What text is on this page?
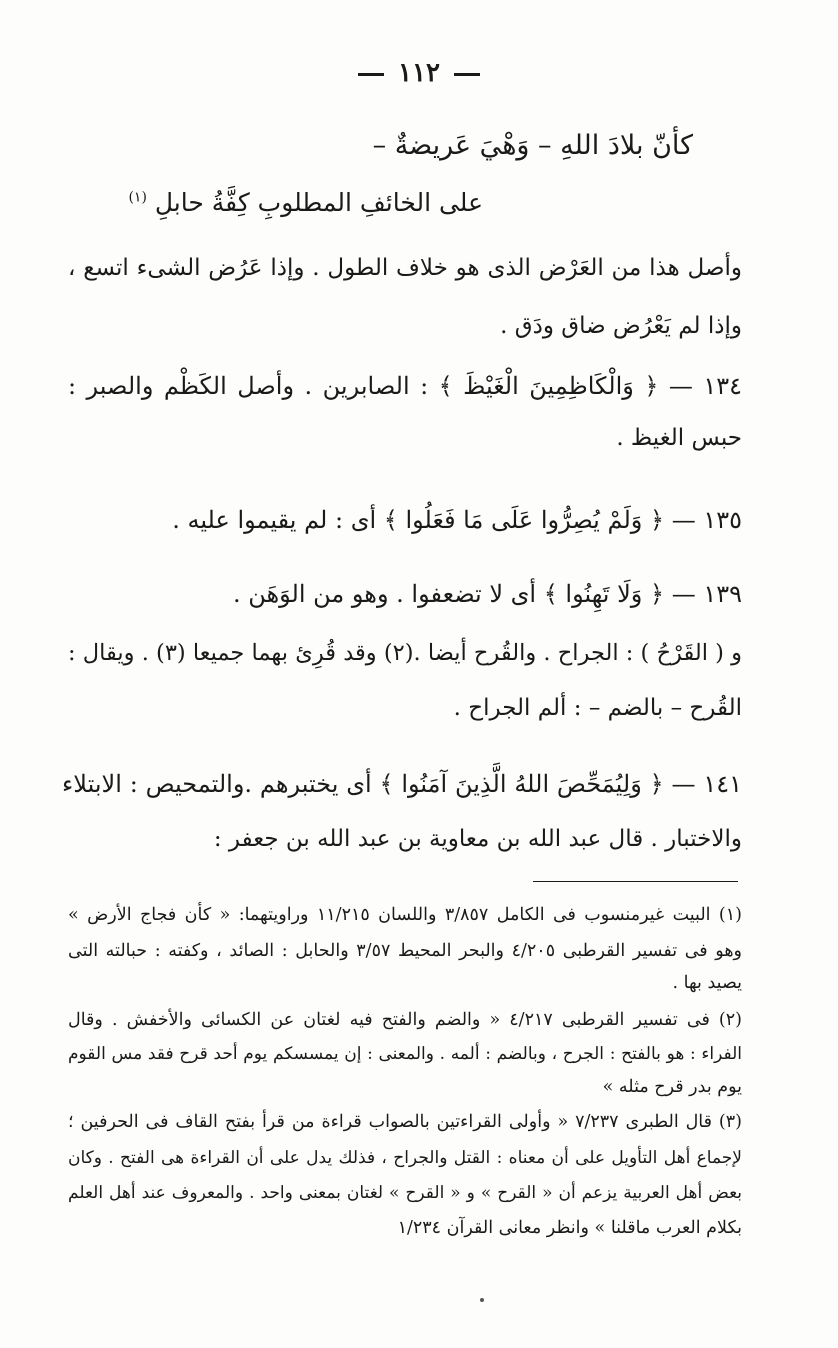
١١٢
كأنّ بلادَ اللهِ – وَهْيَ عَريضةٌ –
على الخائفِ المطلوبِ كِفَّةُ حابلِ $^{(١)}$
وأصل هذا من العَرْض الذى هو خلاف الطول . وإذا عَرُض الشىء اتسع ،
وإذا لم يَعْرُض ضاق ودَق .
١٣٤ — ﴿ وَالْكَاظِمِينَ الْغَيْظَ ﴾ : الصابرين . وأصل الكَظْم والصبر :
حبس الغيظ .
١٣٥ — ﴿ وَلَمْ يُصِرُّوا عَلَى مَا فَعَلُوا ﴾ أى : لم يقيموا عليه .
١٣٩ — ﴿ وَلَا تَهِنُوا ﴾ أى لا تضعفوا . وهو من الوَهَن .
و ( القَرْحُ ) : الجراح . والقُرح أيضا .(٢) وقد قُرِئ بهما جميعا (٣) . ويقال :
القُرح – بالضم – : ألم الجراح .
١٤١ — ﴿ وَلِيُمَحِّصَ اللهُ الَّذِينَ آمَنُوا ﴾ أى يختبرهم .والتمحيص : الابتلاء
والاختبار . قال عبد الله بن معاوية بن عبد الله بن جعفر :
(١) البيت غيرمنسوب فى الكامل ٣/٨٥٧ واللسان ١١/٢١٥ وراويتهما: « كأن فجاج الأرض »
وهو فى تفسير القرطبى ٤/٢٠٥ والبحر المحيط ٣/٥٧ والحابل : الصائد ، وكفته : حبالته التى
يصيد بها .
(٢) فى تفسير القرطبى ٤/٢١٧ « والضم والفتح فيه لغتان عن الكسائى والأخفش . وقال
الفراء : هو بالفتح : الجرح ، وبالضم : ألمه . والمعنى : إن يمسسكم يوم أحد قرح فقد مس القوم
يوم بدر قرح مثله »
(٣) قال الطبرى ٧/٢٣٧ « وأولى القراءتين بالصواب قراءة من قرأ بفتح القاف فى الحرفين ؛
لإجماع أهل التأويل على أن معناه : القتل والجراح ، فذلك يدل على أن القراءة هى الفتح . وكان
بعض أهل العربية يزعم أن « القرح » و « القرح » لغتان بمعنى واحد . والمعروف عند أهل العلم
بكلام العرب ماقلنا » وانظر معانى القرآن ١/٢٣٤
